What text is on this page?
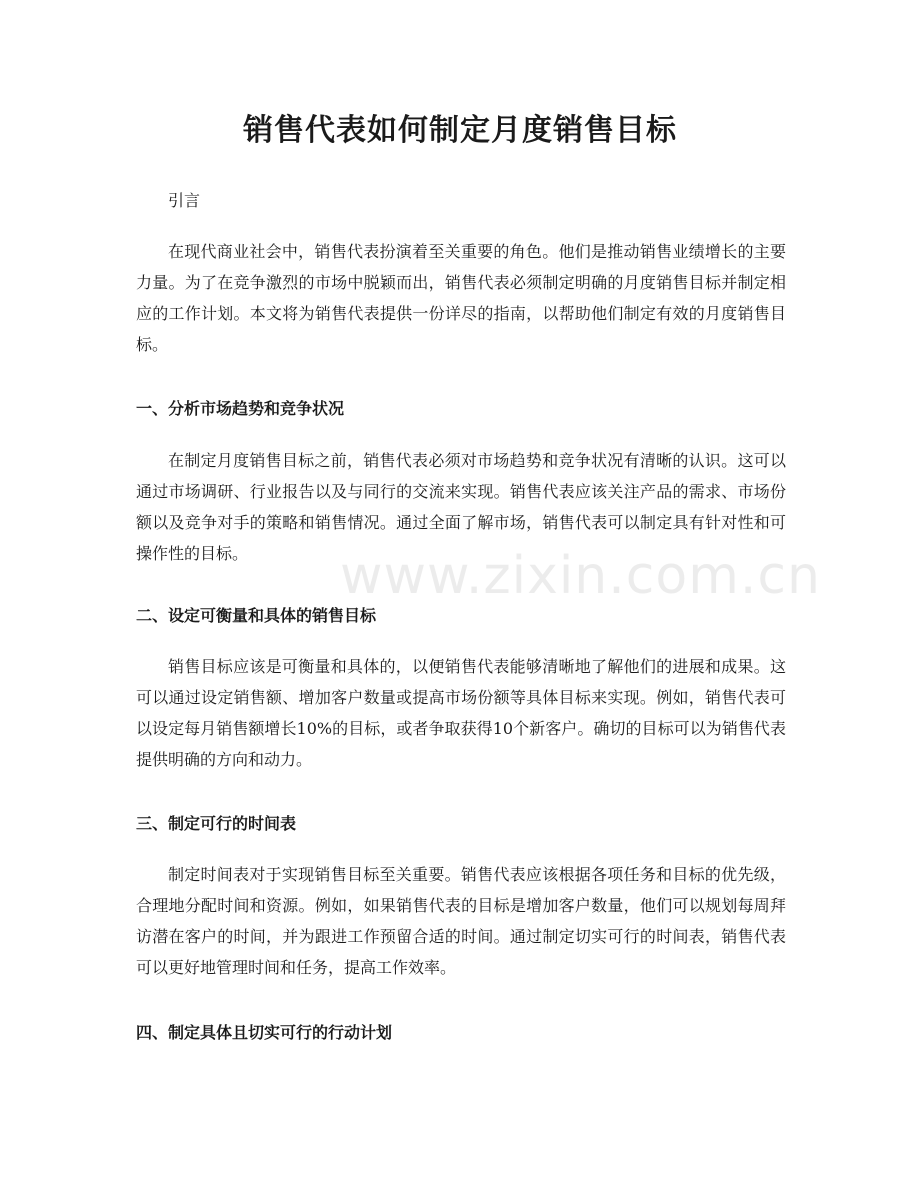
销售代表如何制定月度销售目标

引言

在现代商业社会中，销售代表扮演着至关重要的角色。他们是推动销售业绩增长的主要力量。为了在竞争激烈的市场中脱颖而出，销售代表必须制定明确的月度销售目标并制定相应的工作计划。本文将为销售代表提供一份详尽的指南，以帮助他们制定有效的月度销售目标。

一、分析市场趋势和竞争状况

在制定月度销售目标之前，销售代表必须对市场趋势和竞争状况有清晰的认识。这可以通过市场调研、行业报告以及与同行的交流来实现。销售代表应该关注产品的需求、市场份额以及竞争对手的策略和销售情况。通过全面了解市场，销售代表可以制定具有针对性和可操作性的目标。

二、设定可衡量和具体的销售目标

销售目标应该是可衡量和具体的，以便销售代表能够清晰地了解他们的进展和成果。这可以通过设定销售额、增加客户数量或提高市场份额等具体目标来实现。例如，销售代表可以设定每月销售额增长10%的目标，或者争取获得10个新客户。确切的目标可以为销售代表提供明确的方向和动力。

三、制定可行的时间表

制定时间表对于实现销售目标至关重要。销售代表应该根据各项任务和目标的优先级，合理地分配时间和资源。例如，如果销售代表的目标是增加客户数量，他们可以规划每周拜访潜在客户的时间，并为跟进工作预留合适的时间。通过制定切实可行的时间表，销售代表可以更好地管理时间和任务，提高工作效率。

四、制定具体且切实可行的行动计划
www.zixin.com.cn
